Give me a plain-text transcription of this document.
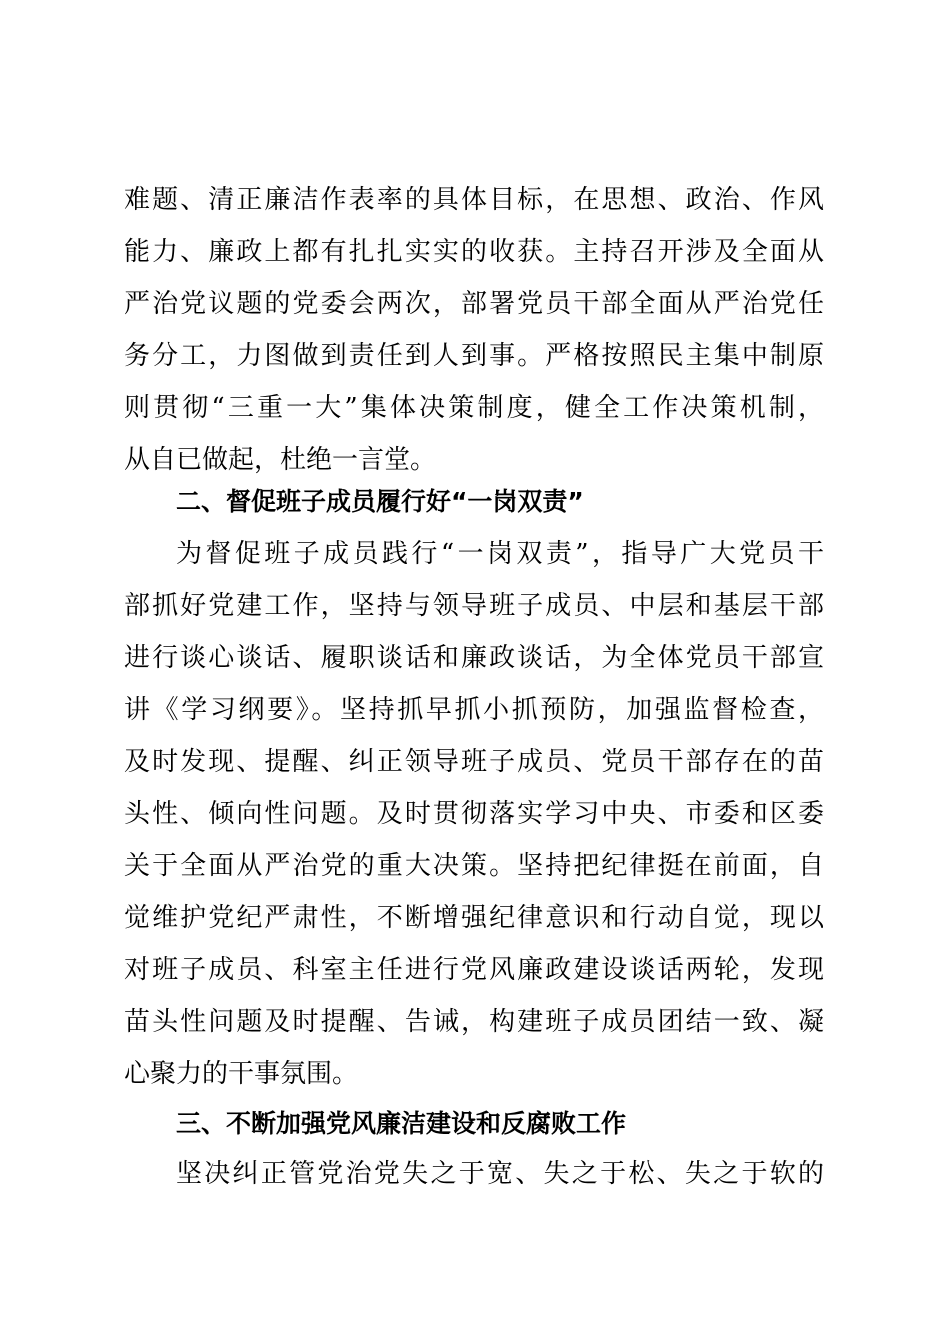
难题、清正廉洁作表率的具体目标，在思想、政治、作风

能力、廉政上都有扎扎实实的收获。主持召开涉及全面从

严治党议题的党委会两次，部署党员干部全面从严治党任

务分工，力图做到责任到人到事。严格按照民主集中制原

则贯彻“三重一大”集体决策制度，健全工作决策机制，

从自已做起，杜绝一言堂。

二、督促班子成员履行好“一岗双责”

为督促班子成员践行“一岗双责”，指导广大党员干

部抓好党建工作，坚持与领导班子成员、中层和基层干部

进行谈心谈话、履职谈话和廉政谈话，为全体党员干部宣

讲《学习纲要》。坚持抓早抓小抓预防，加强监督检查，

及时发现、提醒、纠正领导班子成员、党员干部存在的苗

头性、倾向性问题。及时贯彻落实学习中央、市委和区委

关于全面从严治党的重大决策。坚持把纪律挺在前面，自

觉维护党纪严肃性，不断增强纪律意识和行动自觉，现以

对班子成员、科室主任进行党风廉政建设谈话两轮，发现

苗头性问题及时提醒、告诫，构建班子成员团结一致、凝

心聚力的干事氛围。

三、不断加强党风廉洁建设和反腐败工作

坚决纠正管党治党失之于宽、失之于松、失之于软的
